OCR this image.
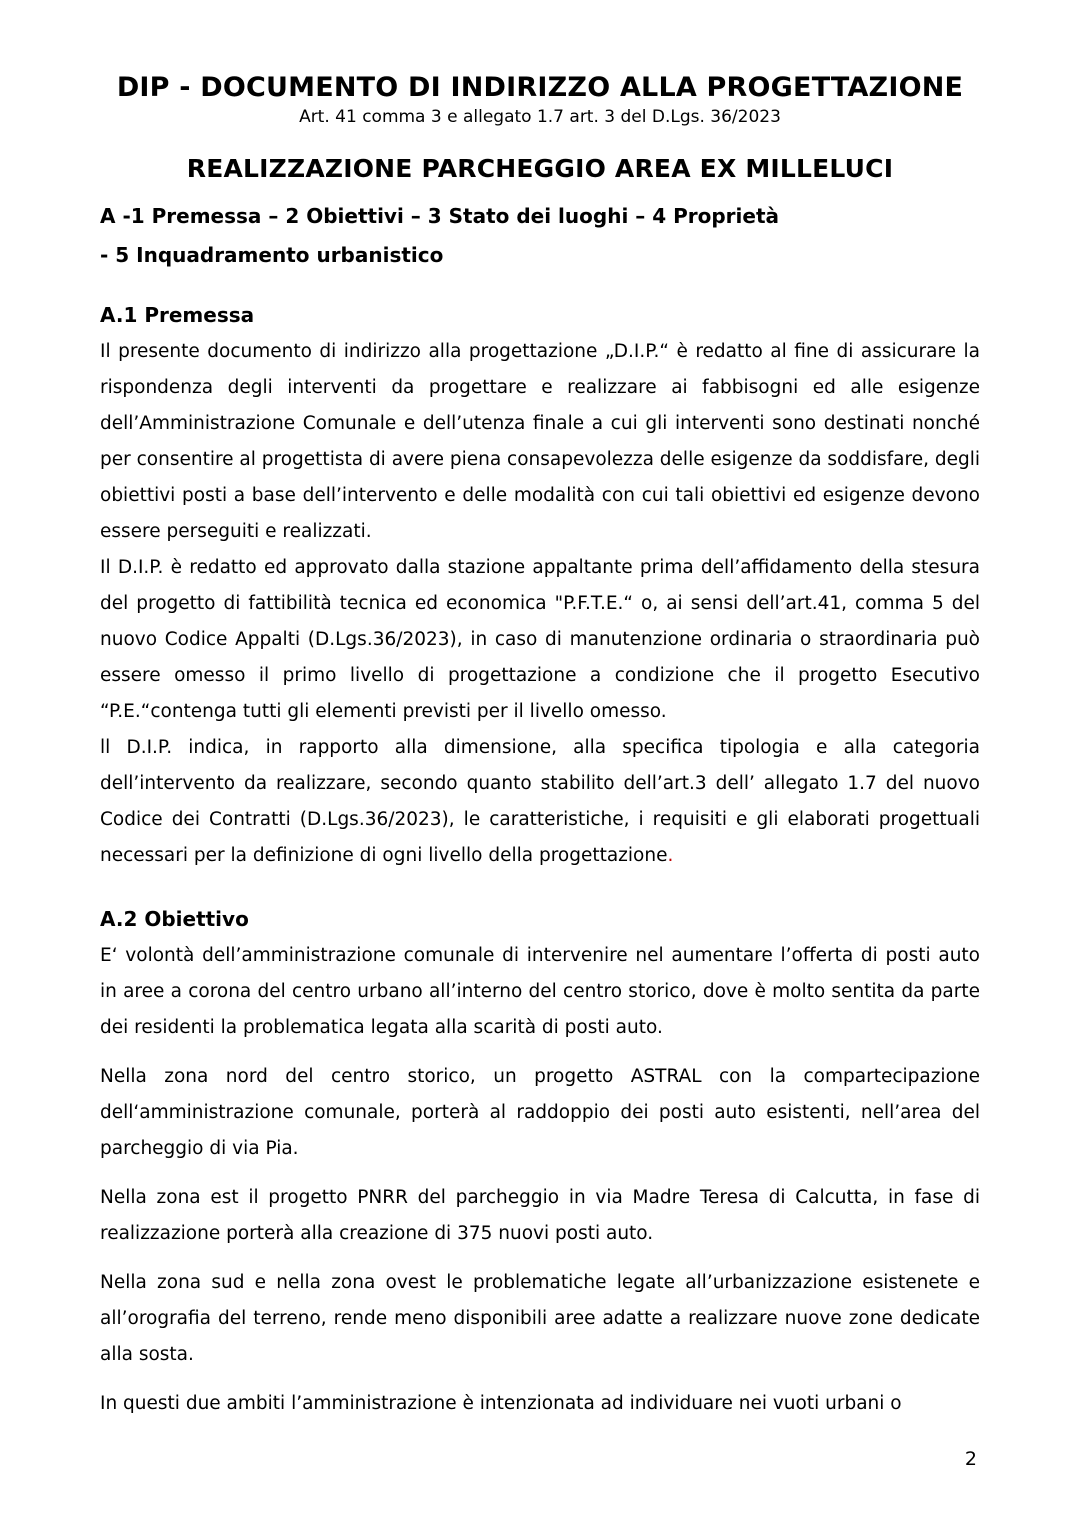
DIP - DOCUMENTO DI INDIRIZZO ALLA PROGETTAZIONE
Art. 41 comma 3 e allegato 1.7 art. 3 del D.Lgs. 36/2023
REALIZZAZIONE PARCHEGGIO AREA EX MILLELUCI
A -1 Premessa – 2 Obiettivi – 3 Stato dei luoghi – 4 Proprietà
- 5 Inquadramento urbanistico
A.1 Premessa

Il presente documento di indirizzo alla progettazione „D.I.P.“ è redatto al fine di assicurare la rispondenza degli interventi da progettare e realizzare ai fabbisogni ed alle esigenze dell’Amministrazione Comunale e dell’utenza finale a cui gli interventi sono destinati nonché per consentire al progettista di avere piena consapevolezza delle esigenze da soddisfare, degli obiettivi posti a base dell’intervento e delle modalità con cui tali obiettivi ed esigenze devono essere perseguiti e realizzati.

Il D.I.P. è redatto ed approvato dalla stazione appaltante prima dell’affidamento della stesura del progetto di fattibilità tecnica ed economica "P.F.T.E.“ o, ai sensi dell’art.41, comma 5 del nuovo Codice Appalti (D.Lgs.36/2023), in caso di manutenzione ordinaria o straordinaria può essere omesso il primo livello di progettazione a condizione che il progetto Esecutivo “P.E.“contenga tutti gli elementi previsti per il livello omesso.

ll D.I.P. indica, in rapporto alla dimensione, alla specifica tipologia e alla categoria dell’intervento da realizzare, secondo quanto stabilito dell’art.3 dell’ allegato 1.7 del nuovo Codice dei Contratti (D.Lgs.36/2023), le caratteristiche, i requisiti e gli elaborati progettuali necessari per la definizione di ogni livello della progettazione.

A.2 Obiettivo

E‘ volontà dell’amministrazione comunale di intervenire nel aumentare l’offerta di posti auto in aree a corona del centro urbano all’interno del centro storico, dove è molto sentita da parte dei residenti la problematica legata alla scarità di posti auto.

Nella zona nord del centro storico, un progetto ASTRAL con la compartecipazione dell‘amministrazione comunale, porterà al raddoppio dei posti auto esistenti, nell’area del parcheggio di via Pia.

Nella zona est il progetto PNRR del parcheggio in via Madre Teresa di Calcutta, in fase di realizzazione porterà alla creazione di 375 nuovi posti auto.

Nella zona sud e nella zona ovest le problematiche legate all’urbanizzazione esistenete e all’orografia del terreno, rende meno disponibili aree adatte a realizzare nuove zone dedicate alla sosta.

In questi due ambiti l’amministrazione è intenzionata ad individuare nei vuoti urbani o

2
